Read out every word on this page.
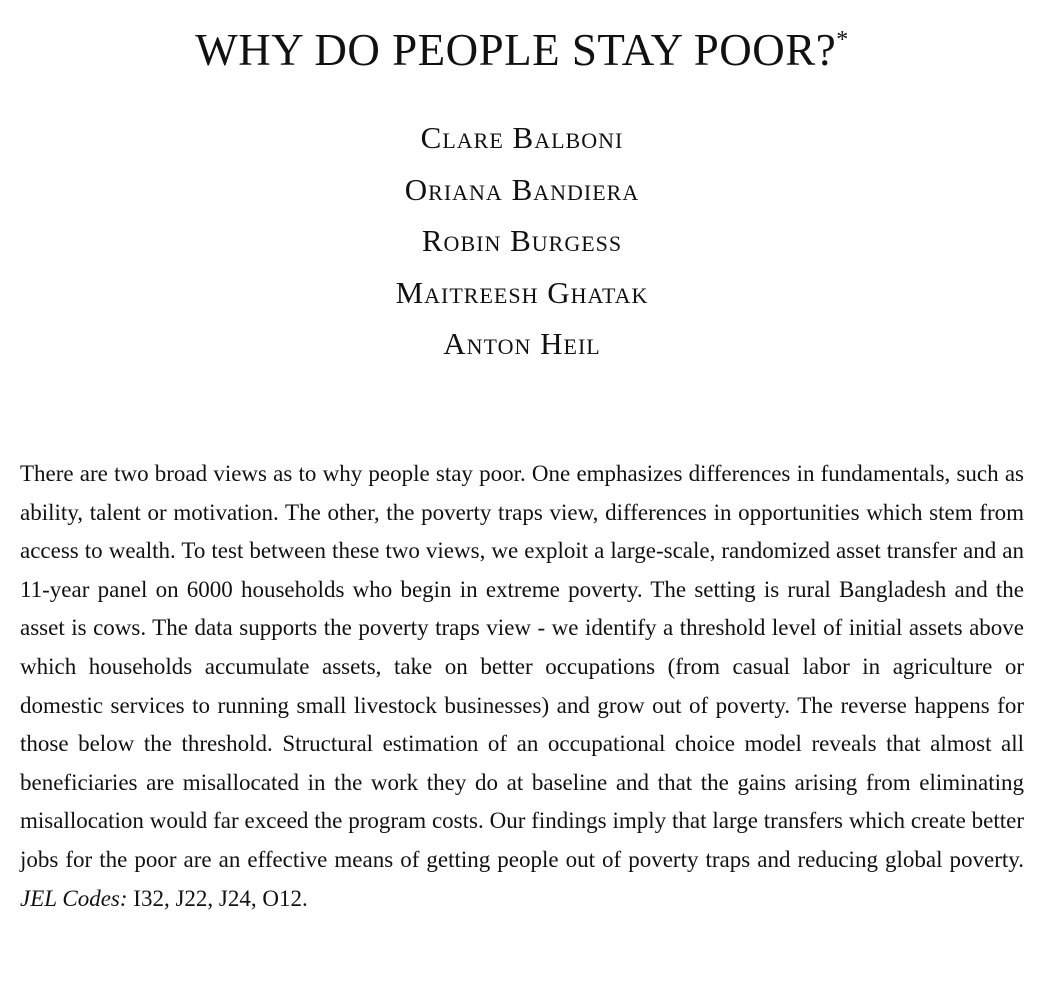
WHY DO PEOPLE STAY POOR?*
Clare Balboni
Oriana Bandiera
Robin Burgess
Maitreesh Ghatak
Anton Heil

There are two broad views as to why people stay poor. One emphasizes differences in fundamentals, such as ability, talent or motivation. The other, the poverty traps view, differences in opportunities which stem from access to wealth. To test between these two views, we exploit a large-scale, randomized asset transfer and an 11-year panel on 6000 households who begin in extreme poverty. The setting is rural Bangladesh and the asset is cows. The data supports the poverty traps view - we identify a threshold level of initial assets above which households accumulate assets, take on better occupations (from casual labor in agriculture or domestic services to running small livestock businesses) and grow out of poverty. The reverse happens for those below the threshold. Structural estimation of an occupational choice model reveals that almost all beneficiaries are misallocated in the work they do at baseline and that the gains arising from eliminating misallocation would far exceed the program costs. Our findings imply that large transfers which create better jobs for the poor are an effective means of getting people out of poverty traps and reducing global poverty. JEL Codes: I32, J22, J24, O12.
